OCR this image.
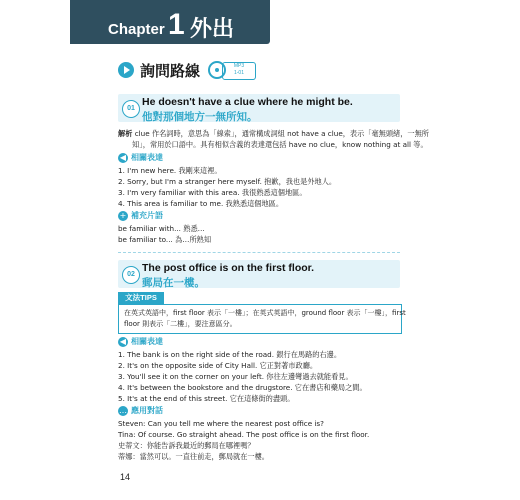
Chapter 1 外出
詢問路線	MP3
1-01
01
He doesn't have a clue where he might be.
他對那個地方一無所知。
解析 clue 作名詞時，意思為「線索」，通常構成詞組 not have a clue，表示「毫無頭緒，一無所
知」，常用於口語中。具有相似含義的表達還包括 have no clue，know nothing at all 等。
◀ 相關表達
1. I'm new here. 我剛來這裡。
2. Sorry, but I'm a stranger here myself. 抱歉，我也是外地人。
3. I'm very familiar with this area. 我很熟悉這個地區。
4. This area is familiar to me. 我熟悉這個地區。
+ 補充片語
be familiar with... 熟悉…
be familiar to... 為…所熟知
02
The post office is on the first floor.
郵局在一樓。
文法TIPS
在英式英語中，first floor 表示「一樓」；在英式英語中，ground floor 表示「一樓」，first
floor 則表示「二樓」，要注意區分。
◀ 相關表達
1. The bank is on the right side of the road. 銀行在馬路的右邊。
2. It's on the opposite side of City Hall. 它正對著市政廳。
3. You'll see it on the corner on your left. 你往左邊彎過去就能看見。
4. It's between the bookstore and the drugstore. 它在書店和藥局之間。
5. It's at the end of this street. 它在這條街的盡頭。
… 應用對話
Steven: Can you tell me where the nearest post office is?
Tina: Of course. Go straight ahead. The post office is on the first floor.
史蒂文：你能告訴我最近的郵局在哪裡嗎？
蒂娜：當然可以。一直往前走，郵局就在一樓。
14
